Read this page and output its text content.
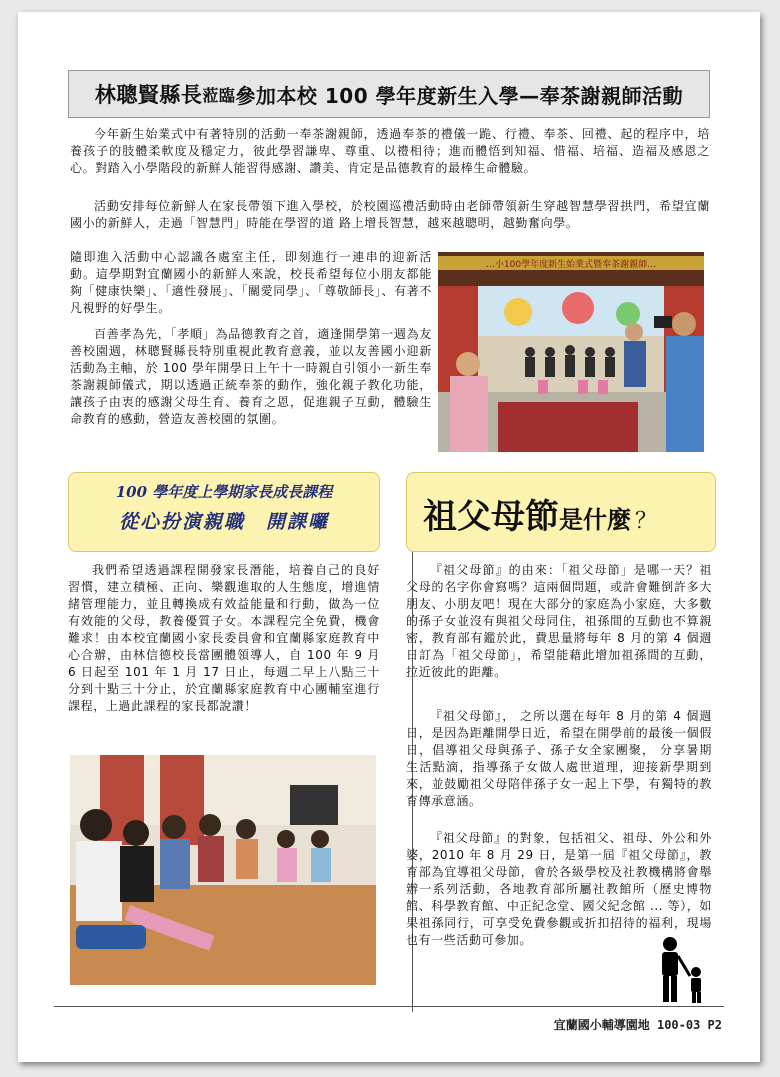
林聰賢縣長 蒞臨 參加本校 100 學年度新生入學—奉茶謝親師活動

今年新生始業式中有著特別的活動一奉茶謝親師，透過奉茶的禮儀一跪、行禮、奉茶、回禮、起的程序中，培養孩子的肢體柔軟度及穩定力，彼此學習謙卑、尊重、以禮相待；進而體悟到知福、惜福、培福、造福及感恩之心。對踏入小學階段的新鮮人能習得感謝、讚美、肯定是品德教育的最棒生命體驗。

活動安排每位新鮮人在家長帶領下進入學校，於校園巡禮活動時由老師帶領新生穿越智慧學習拱門，希望宜蘭國小的新鮮人，走過「智慧門」時能在學習的道 路上增長智慧，越來越聰明，越勤奮向學。

隨即進入活動中心認識各處室主任，即刻進行一連串的迎新活動。這學期對宜蘭國小的新鮮人來說，校長希望每位小朋友都能夠「健康快樂」、「適性發展」、「關愛同學」、「尊敬師長」、有著不凡視野的好學生。

百善孝為先，「孝順」為品德教育之首，適逢開學第一週為友善校園週，林聰賢縣長特別重視此教育意義，並以友善國小迎新活動為主軸，於 100 學年開學日上午十一時親自引領小一新生奉茶謝親師儀式，期以透過正統奉茶的動作，強化親子教化功能，讓孩子由衷的感謝父母生育、養育之恩，促進親子互動，體驗生命教育的感動，營造友善校園的氛圍。

…小100學年度新生始業式暨奉茶謝親師…
100 學年度上學期家長成長課程
從心扮演親職　開課囉

我們希望透過課程開發家長潛能，培養自己的良好習慣，建立積極、正向、樂觀進取的人生態度，增進情緒管理能力，並且轉換成有效益能量和行動，做為一位有效能的父母，教養優質子女。本課程完全免費，機會難求！由本校宜蘭國小家長委員會和宜蘭縣家庭教育中心合辦，由林信德校長當團體領導人，自 100 年 9 月 6 日起至 101 年 1 月 17 日止，每週二早上八點三十分到十點三十分止，於宜蘭縣家庭教育中心團輔室進行課程，上過此課程的家長都說讚！

祖父母節是什麼 ？

『祖父母節』的由來：「祖父母節」是哪一天？祖父母的名字你會寫嗎？這兩個問題，或許會難倒許多大朋友、小朋友吧！現在大部分的家庭為小家庭，大多數的孫子女並沒有與祖父母同住，祖孫間的互動也不算親密，教育部有鑑於此，費思量將每年 8 月的第 4 個週日訂為「祖父母節」，希望能藉此增加祖孫間的互動，拉近彼此的距離。

『祖父母節』， 之所以選在每年 8 月的第 4 個週日，是因為距離開學日近，希望在開學前的最後一個假日，倡導祖父母與孫子、孫子女全家團聚， 分享暑期生活點滴，指導孫子女做人處世道理，迎接新學期到來，並鼓勵祖父母陪伴孫子女一起上下學，有獨特的教育傳承意涵。

『祖父母節』的對象，包括祖父、祖母、外公和外婆，2010 年 8 月 29 日，是第一屆『祖父母節』，教育部為宜導祖父母節，會於各級學校及社教機構將會舉辦一系列活動，各地教育部所屬社教館所（歷史博物館、科學教育館、中正紀念堂、國父紀念館 ... 等），如果祖孫同行，可享受免費參觀或折扣招待的福利，現場也有一些活動可參加。

宜蘭國小輔導園地 100-03 P2
